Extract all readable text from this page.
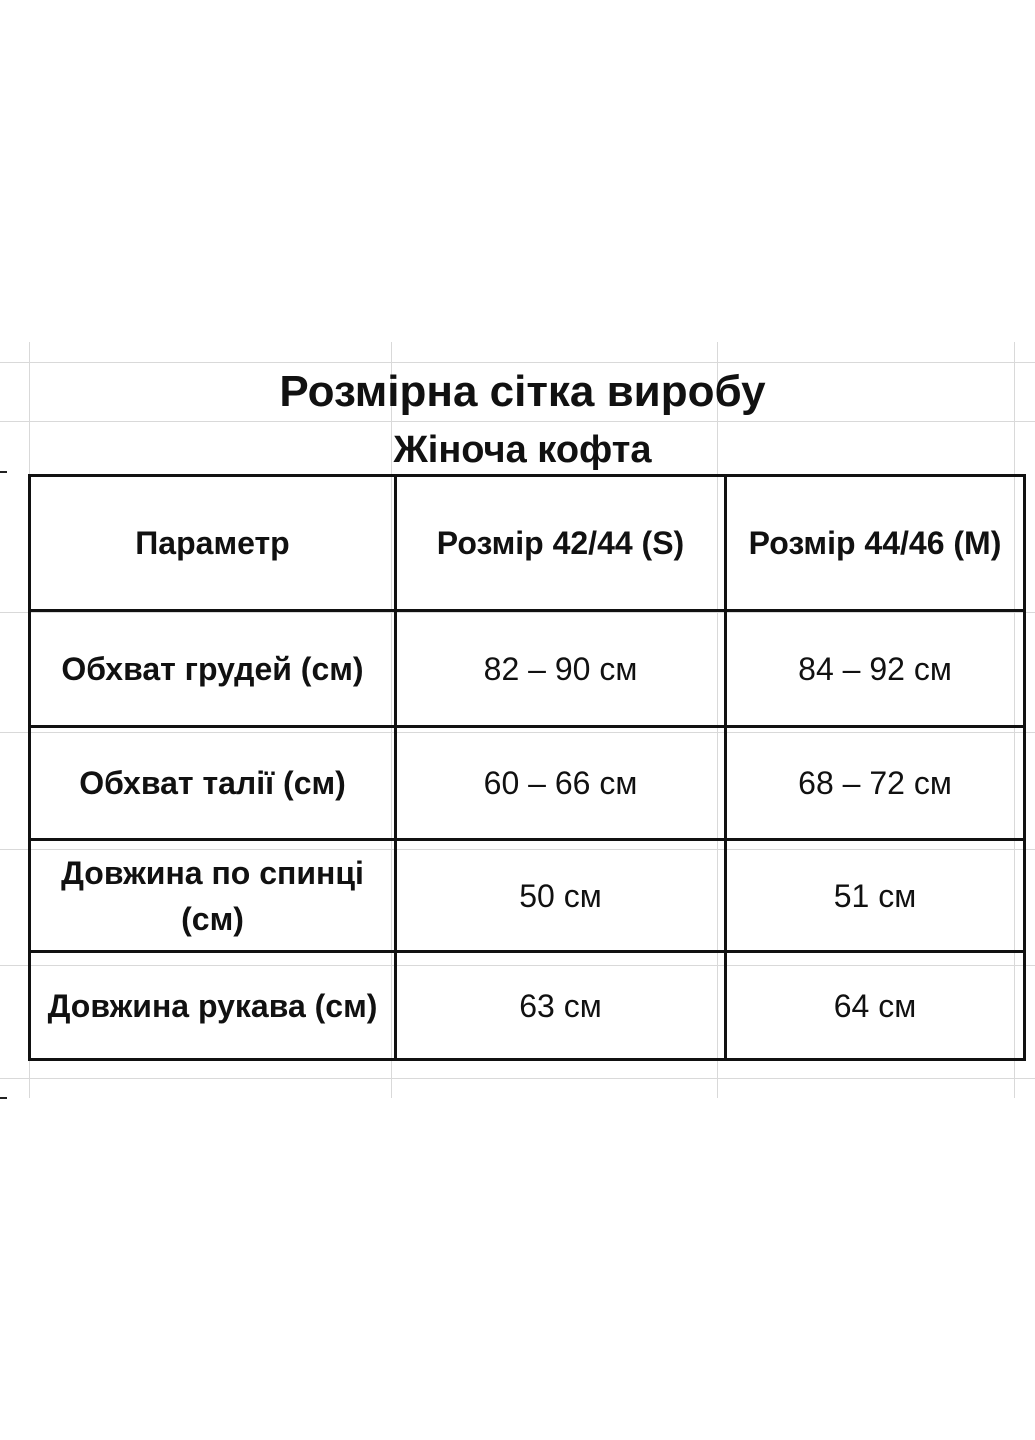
Розмірна сітка виробу
Жіноча кофта
Параметр	Розмір 42/44 (S)	Розмір 44/46 (M)
Обхват грудей (см)	82 – 90 см	84 – 92 см
Обхват талії (см)	60 – 66 см	68 – 72 см
Довжина по спинці (см)	50 см	51 см
Довжина рукава (см)	63 см	64 см
